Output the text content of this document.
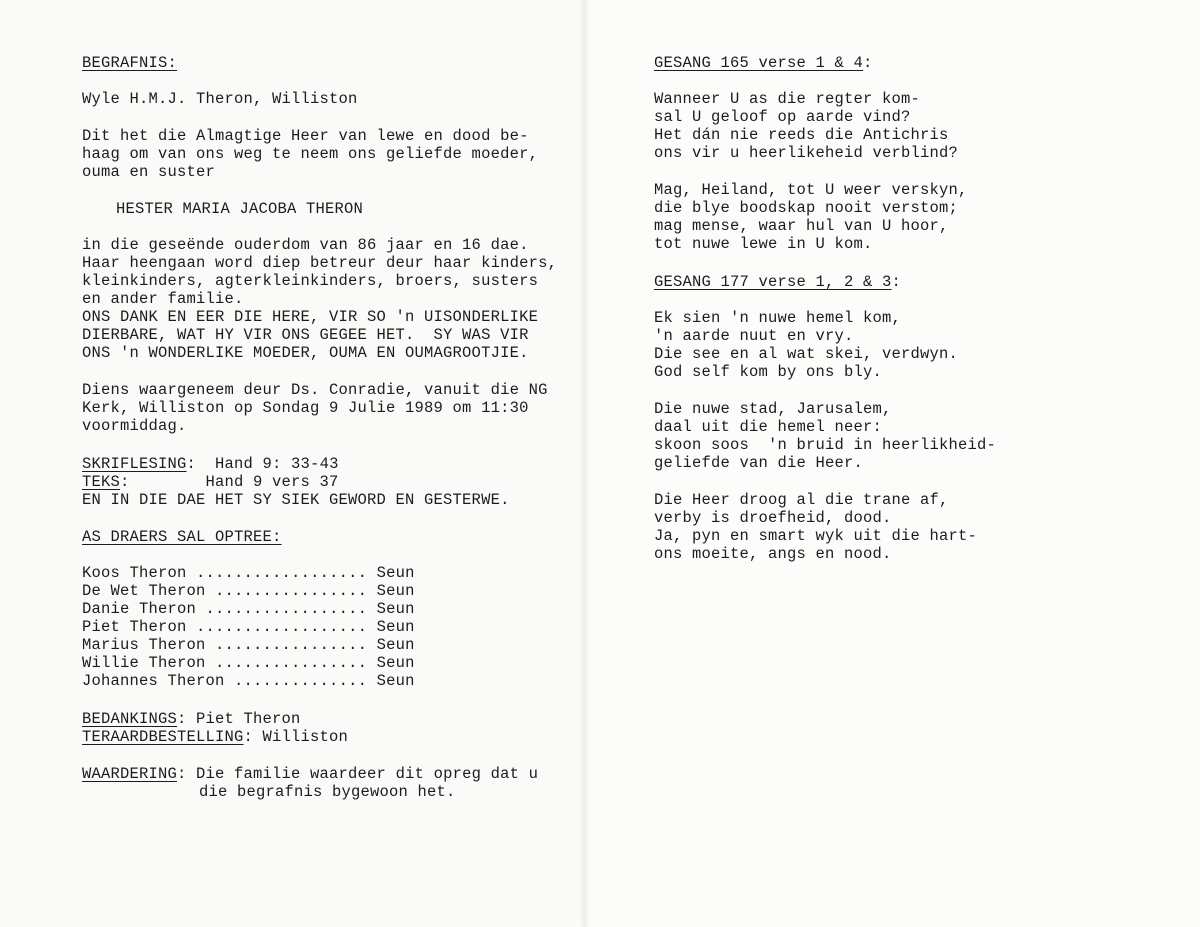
BEGRAFNIS:
Wyle H.M.J. Theron, Williston
Dit het die Almagtige Heer van lewe en dood be-
haag om van ons weg te neem ons geliefde moeder,
ouma en suster
HESTER MARIA JACOBA THERON
in die geseënde ouderdom van 86 jaar en 16 dae.
Haar heengaan word diep betreur deur haar kinders,
kleinkinders, agterkleinkinders, broers, susters
en ander familie.
ONS DANK EN EER DIE HERE, VIR SO 'n UISONDERLIKE
DIERBARE, WAT HY VIR ONS GEGEE HET.  SY WAS VIR
ONS 'n WONDERLIKE MOEDER, OUMA EN OUMAGROOTJIE.
Diens waargeneem deur Ds. Conradie, vanuit die NG
Kerk, Williston op Sondag 9 Julie 1989 om 11:30
voormiddag.
SKRIFLESING:  Hand 9: 33-43
TEKS:        Hand 9 vers 37
EN IN DIE DAE HET SY SIEK GEWORD EN GESTERWE.
AS DRAERS SAL OPTREE:
Koos Theron .................. Seun
De Wet Theron ................ Seun
Danie Theron ................. Seun
Piet Theron .................. Seun
Marius Theron ................ Seun
Willie Theron ................ Seun
Johannes Theron .............. Seun
BEDANKINGS: Piet Theron
TERAARDBESTELLING: Williston
WAARDERING: Die familie waardeer dit opreg dat u
die begrafnis bygewoon het.
GESANG 165 verse 1 & 4:
Wanneer U as die regter kom-
sal U geloof op aarde vind?
Het dán nie reeds die Antichris
ons vir u heerlikeheid verblind?
Mag, Heiland, tot U weer verskyn,
die blye boodskap nooit verstom;
mag mense, waar hul van U hoor,
tot nuwe lewe in U kom.
GESANG 177 verse 1, 2 & 3:
Ek sien 'n nuwe hemel kom,
'n aarde nuut en vry.
Die see en al wat skei, verdwyn.
God self kom by ons bly.
Die nuwe stad, Jarusalem,
daal uit die hemel neer:
skoon soos  'n bruid in heerlikheid-
geliefde van die Heer.
Die Heer droog al die trane af,
verby is droefheid, dood.
Ja, pyn en smart wyk uit die hart-
ons moeite, angs en nood.
